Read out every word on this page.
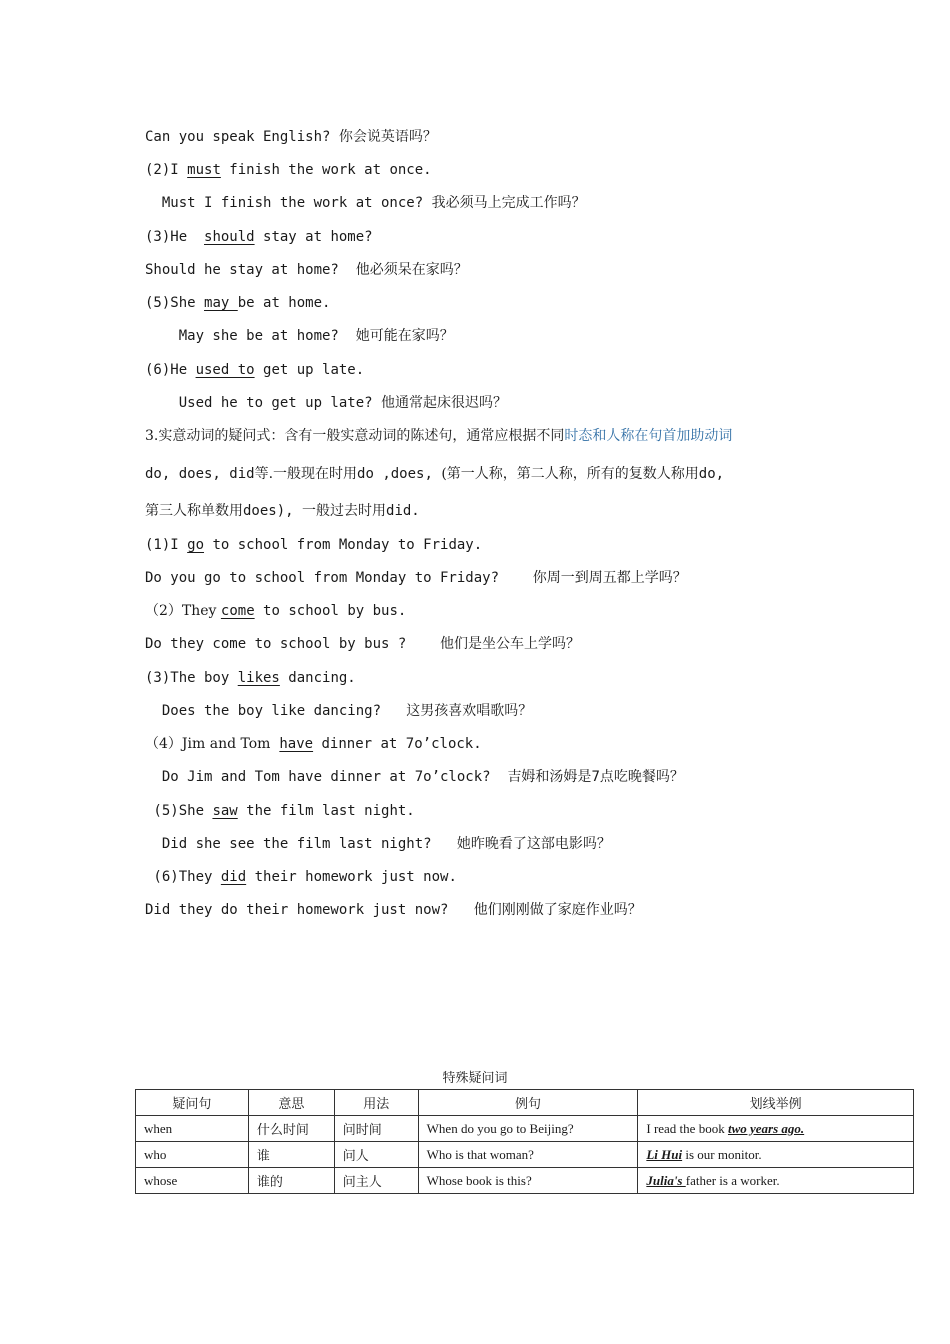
Can you speak English? 你会说英语吗？
(2)I must finish the work at once.
Must I finish the work at once? 我必须马上完成工作吗？
(3)He  should stay at home?
Should he stay at home?  他必须呆在家吗？
(5)She may be at home.
May she be at home?  她可能在家吗？
(6)He used to get up late.
Used he to get up late? 他通常起床很迟吗？
3.实意动词的疑问式：含有一般实意动词的陈述句，通常应根据不同时态和人称在句首加助动词
do, does, did等.一般现在时用do ,does, (第一人称，第二人称，所有的复数人称用do,
第三人称单数用does), 一般过去时用did.
(1)I go to school from Monday to Friday.
Do you go to school from Monday to Friday?    你周一到周五都上学吗？
（2）They come to school by bus.
Do they come to school by bus ?    他们是坐公车上学吗？
(3)The boy likes dancing.
Does the boy like dancing?   这男孩喜欢唱歌吗？
（4）Jim and Tom  have dinner at 7o’clock.
Do Jim and Tom have dinner at 7o’clock?  吉姆和汤姆是7点吃晚餐吗？
(5)She saw the film last night.
Did she see the film last night?   她昨晚看了这部电影吗？
(6)They did their homework just now.
Did they do their homework just now?   他们刚刚做了家庭作业吗？
特殊疑问词
疑问句	意思	用法	例句	划线举例
when	什么时间	问时间	When do you go to Beijing?	I read the book two years ago.
who	谁	问人	Who is that woman?	Li Hui is our monitor.
whose	谁的	问主人	Whose book is this?	Julia's father is a worker.
